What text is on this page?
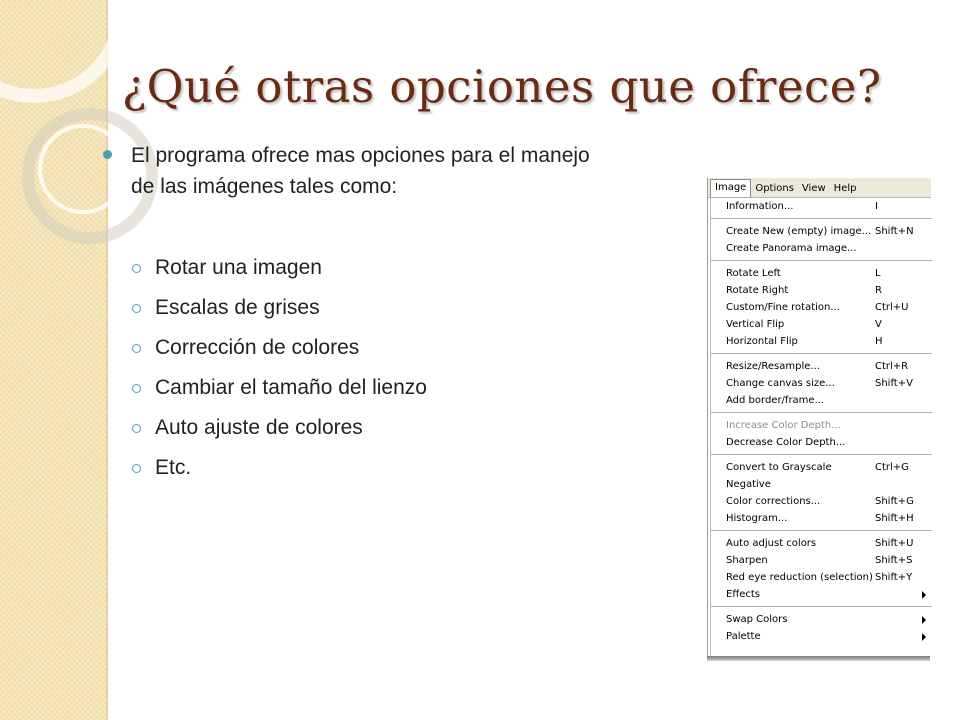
¿Qué otras opciones que ofrece?
El programa ofrece mas opciones para el manejo de las imágenes tales como:
Rotar una imagen
Escalas de grises
Corrección de colores
Cambiar el tamaño del lienzo
Auto ajuste de colores
Etc.
Image Options View Help
Information...	I
Create New (empty) image... Shift+N
Create Panorama image...
Rotate Left	L
Rotate Right	R
Custom/Fine rotation...	Ctrl+U
Vertical Flip	V
Horizontal Flip	H
Resize/Resample...	Ctrl+R
Change canvas size...	Shift+V
Add border/frame...
Increase Color Depth...
Decrease Color Depth...
Convert to Grayscale	Ctrl+G
Negative
Color corrections...	Shift+G
Histogram...	Shift+H
Auto adjust colors	Shift+U
Sharpen	Shift+S
Red eye reduction (selection) Shift+Y
Effects
Swap Colors
Palette
